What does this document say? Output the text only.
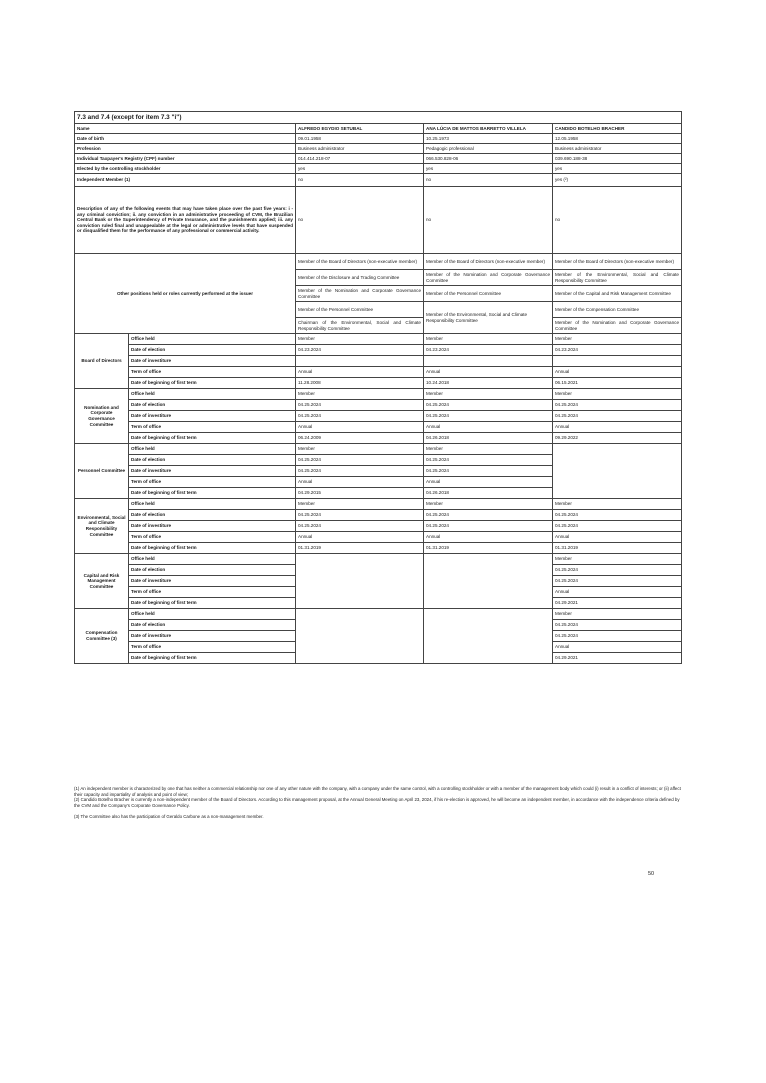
7.3 and 7.4 (except for item 7.3 "i")				
Name		ALFREDO EGYDIO SETUBAL	ANA LÚCIA DE MATTOS BARRETTO VILLELA	CANDIDO BOTELHO BRACHER
Date of birth		09.01.1958	10.25.1973	12.05.1958
Profession		Business administrator	Pedagogic professional	Business administrator
Individual Taxpayer's Registry (CPF) number		014.414.218-07	066.530.828-06	039.690.188-38
Elected by the controlling stockholder		yes	yes	yes
Independent Member (1)		no	no	yes (²)
Description of any of the following events that may have taken place over the past five years: i - any criminal conviction; ii. any conviction in an administrative proceeding of CVM, the Brazilian Central Bank or the Superintendency of Private Insurance, and the punishments applied; iii. any conviction ruled final and unappealable at the legal or administrative levels that have suspended or disqualified them for the performance of any professional or commercial activity.		no	no	no
Other positions held or roles currently performed at the issuer		Member of the Board of Directors (non-executive member)	Member of the Board of Directors (non-executive member)	Member of the Board of Directors (non-executive member)
		Member of the Disclosure and Trading Committee	Member of the Nomination and Corporate Governance Committee	Member of the Environmental, Social and Climate Responsibility Committee
		Member of the Nomination and Corporate Governance Committee	Member of the Personnel Committee	Member of the Capital and Risk Management Committee
		Member of the Personnel Committee	Member of the Environmental, Social and Climate Responsibility Committee	Member of the Compensation Committee
		Chairman of the Environmental, Social and Climate Responsibility Committee		Member of the Nomination and Corporate Governance Committee
Board of Directors	Office held	Member	Member	Member
	Date of election	04.23.2024	04.23.2024	04.23.2024
	Date of investiture			
	Term of office	Annual	Annual	Annual
	Date of beginning of first term	11.28.2008	10.24.2018	06.15.2021
Nomination and Corporate Governance Committee	Office held	Member	Member	Member
	Date of election	04.25.2024	04.25.2024	04.25.2024
	Date of investiture	04.25.2024	04.25.2024	04.25.2024
	Term of office	Annual	Annual	Annual
	Date of beginning of first term	06.24.2009	04.26.2018	09.29.2022
Personnel Committee	Office held	Member	Member	
	Date of election	04.25.2024	04.25.2024	
	Date of investiture	04.25.2024	04.25.2024	
	Term of office	Annual	Annual	
	Date of beginning of first term	04.29.2015	04.26.2018	
Environmental, Social and Climate Responsibility Committee	Office held	Member	Member	Member
	Date of election	04.25.2024	04.25.2024	04.25.2024
	Date of investiture	04.25.2024	04.25.2024	04.25.2024
	Term of office	Annual	Annual	Annual
	Date of beginning of first term	01.31.2019	01.31.2019	01.31.2019
Capital and Risk Management Committee	Office held			Member
	Date of election			04.25.2024
	Date of investiture			04.25.2024
	Term of office			Annual
	Date of beginning of first term			04.29.2021
Compensation Committee (3)	Office held			Member
	Date of election			04.25.2024
	Date of investiture			04.25.2024
	Term of office			Annual
	Date of beginning of first term			04.29.2021

(1) An independent member is characterized by one that has neither a commercial relationship nor one of any other nature with the company, with a company under the same control, with a controlling stockholder or with a member of the management body which could (i) result in a conflict of interests; or (ii) affect their capacity and impartiality of analysis and point of view;

(2) Candido Botelho Bracher is currently a non-independent member of the Board of Directors. According to this management proposal, at the Annual General Meeting on April 23, 2024, if his re-election is approved, he will become an independent member, in accordance with the independence criteria defined by the CVM and the Company's Corporate Governance Policy.

(3) The Committee also has the participation of Geraldo Carbone as a non-management member.

50
